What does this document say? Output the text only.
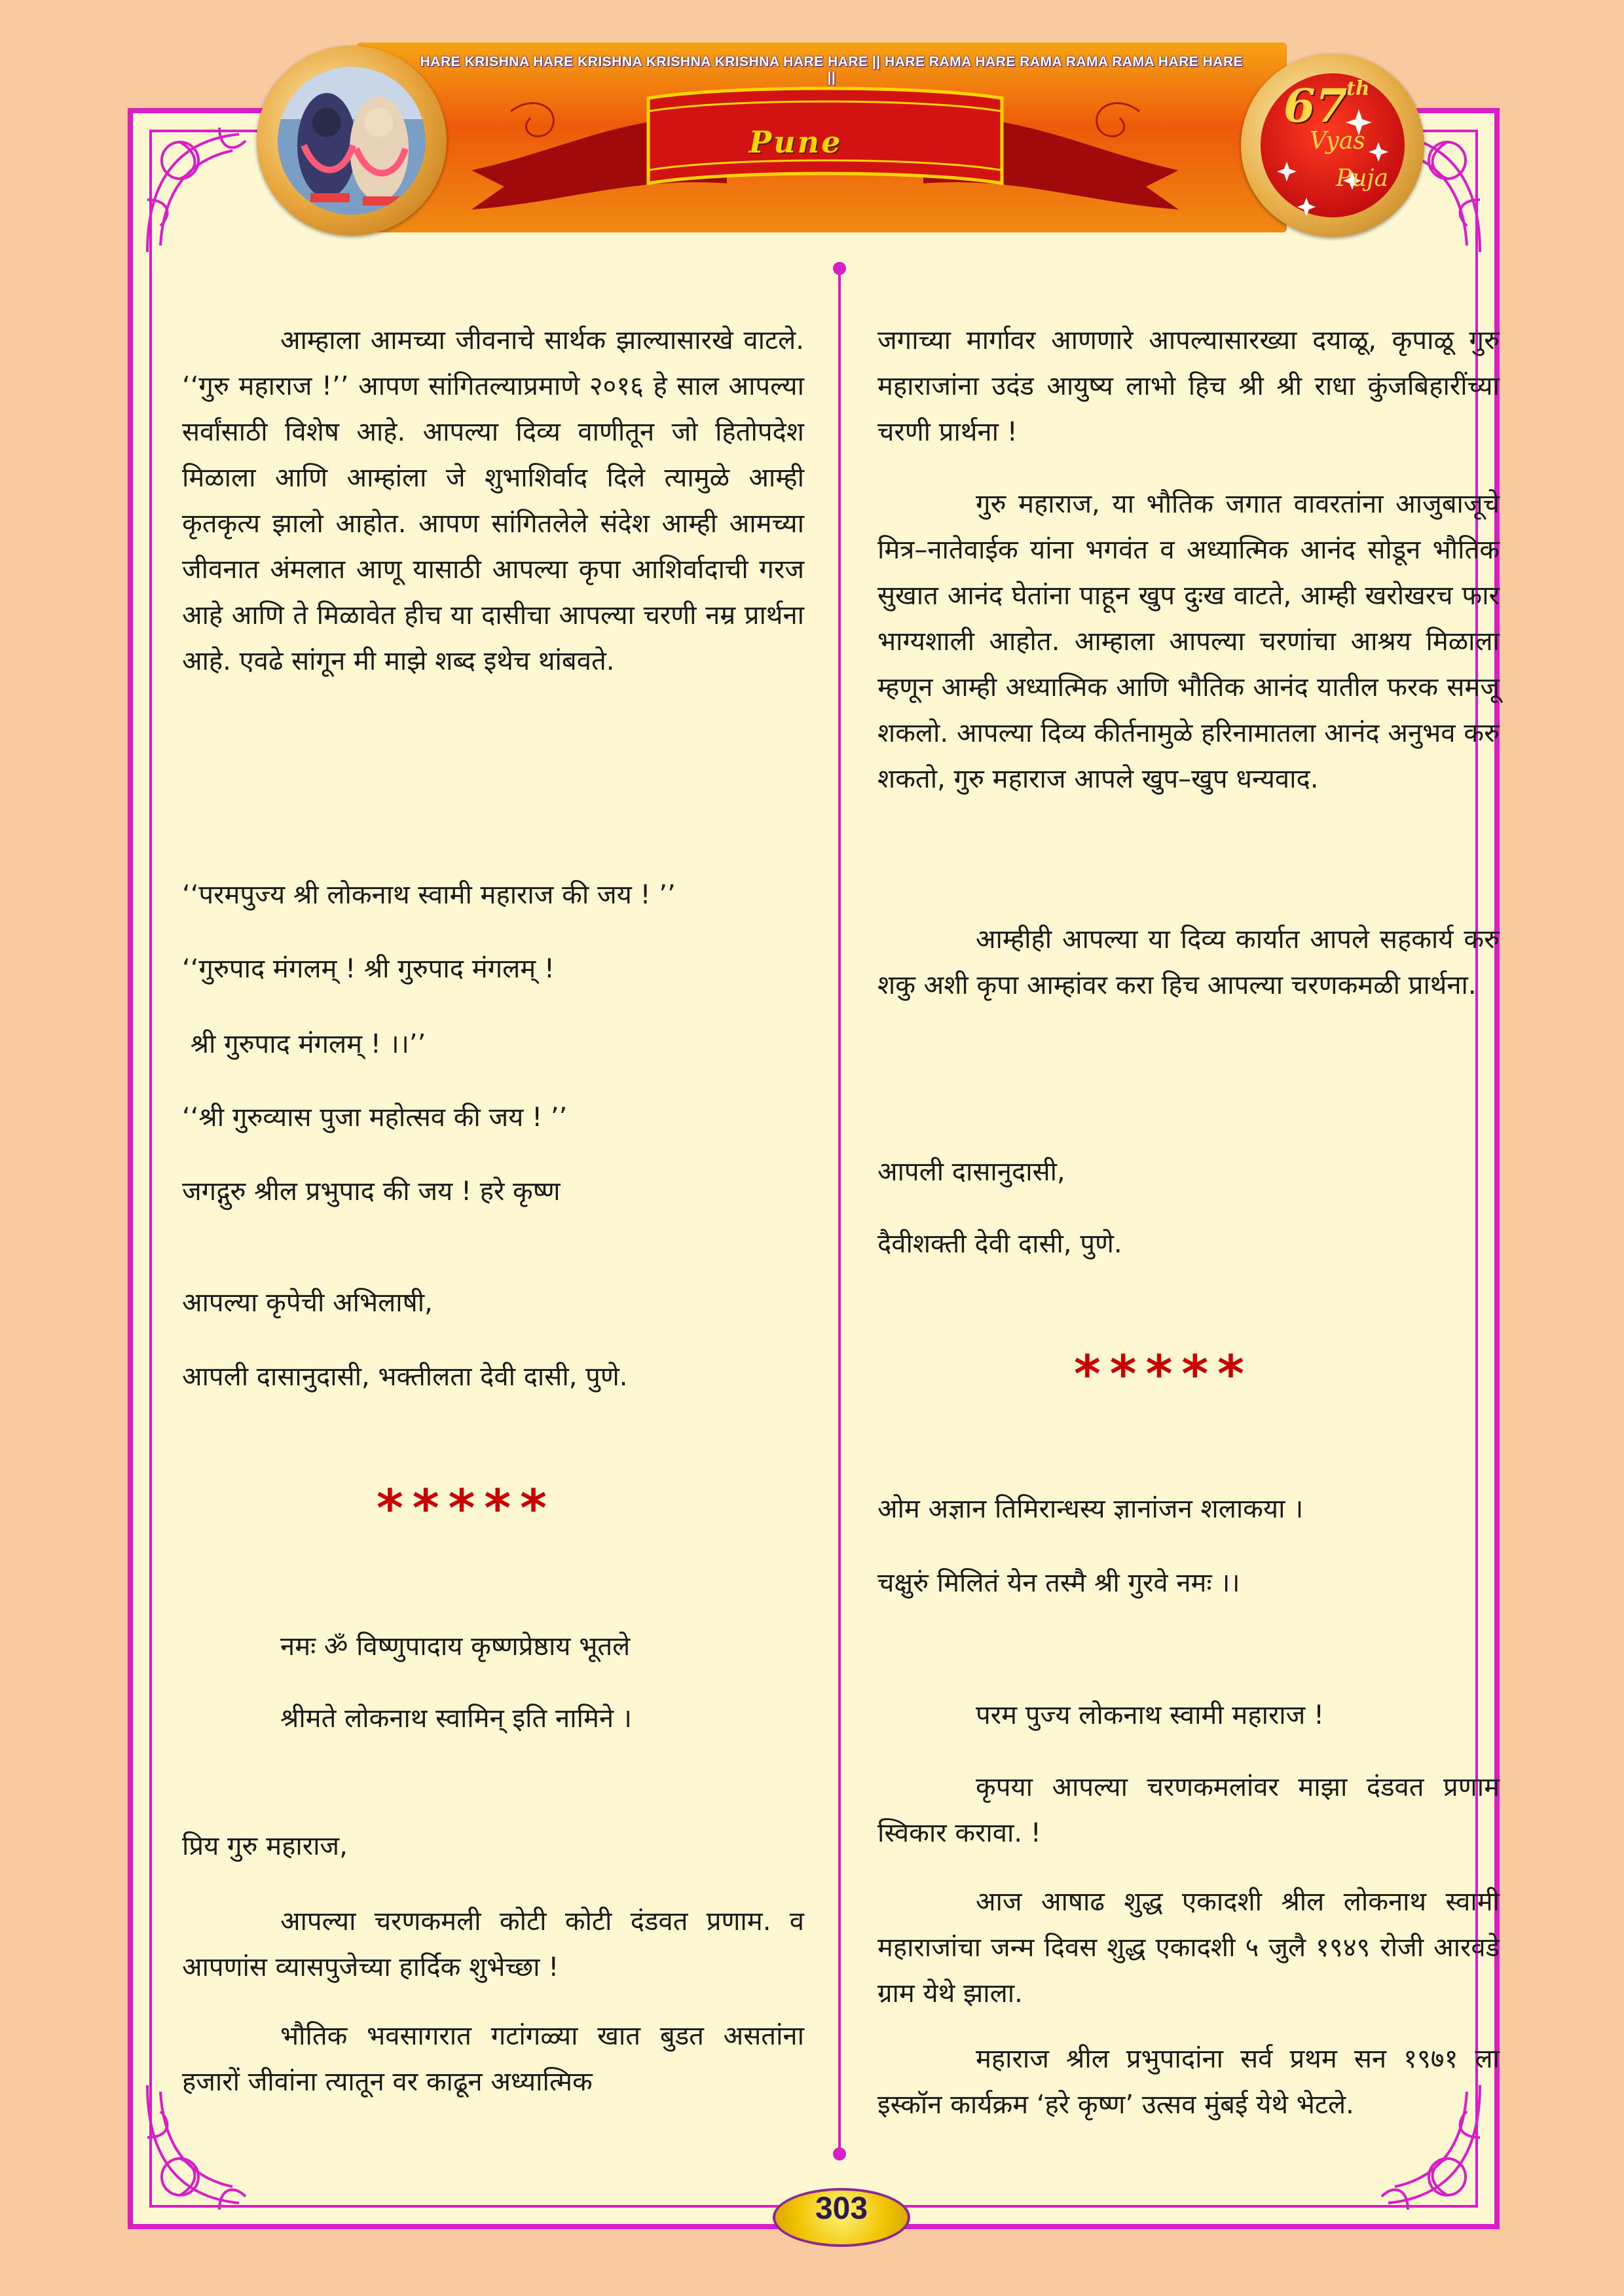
HARE KRISHNA HARE KRISHNA KRISHNA KRISHNA HARE HARE || HARE RAMA HARE RAMA RAMA RAMA HARE HARE ||
Pune
67
th
Vyas
Puja
आम्हाला आमच्या जीवनाचे सार्थक झाल्यासारखे वाटले. ‘‘गुरु महाराज !’’ आपण सांगितल्याप्रमाणे २०१६ हे साल आपल्या सर्वांसाठी विशेष आहे. आपल्या दिव्य वाणीतून जो हितोपदेश मिळाला आणि आम्हांला जे शुभाशिर्वाद दिले त्यामुळे आम्ही कृतकृत्य झालो आहोत. आपण सांगितलेले संदेश आम्ही आमच्या जीवनात अंमलात आणू यासाठी आपल्या कृपा आशिर्वादाची गरज आहे आणि ते मिळावेत हीच या दासीचा आपल्या चरणी नम्र प्रार्थना आहे. एवढे सांगून मी माझे शब्द इथेच थांबवते.
‘‘परमपुज्य श्री लोकनाथ स्वामी महाराज की जय ! ’’
‘‘गुरुपाद मंगलम् ! श्री गुरुपाद मंगलम् !
श्री गुरुपाद मंगलम् ! ।।’’
‘‘श्री गुरुव्यास पुजा महोत्सव की जय ! ’’
जगद्गुरु श्रील प्रभुपाद की जय ! हरे कृष्ण
आपल्या कृपेची अभिलाषी,
आपली दासानुदासी, भक्तीलता देवी दासी, पुणे.
*****
नमः ॐ विष्णुपादाय कृष्णप्रेष्ठाय भूतले
श्रीमते लोकनाथ स्वामिन् इति नामिने ।
प्रिय गुरु महाराज,
आपल्या चरणकमली कोटी कोटी दंडवत प्रणाम. व आपणांस व्यासपुजेच्या हार्दिक शुभेच्छा !
भौतिक भवसागरात गटांगळ्या खात बुडत असतांना हजारों जीवांना त्यातून वर काढून अध्यात्मिक
जगाच्या मार्गावर आणणारे आपल्यासारख्या दयाळू, कृपाळू गुरु महाराजांना उदंड आयुष्य लाभो हिच श्री श्री राधा कुंजबिहारींच्या चरणी प्रार्थना !
गुरु महाराज, या भौतिक जगात वावरतांना आजुबाजूचे मित्र–नातेवाईक यांना भगवंत व अध्यात्मिक आनंद सोडून भौतिक सुखात आनंद घेतांना पाहून खुप दुःख वाटते, आम्ही खरोखरच फार भाग्यशाली आहोत. आम्हाला आपल्या चरणांचा आश्रय मिळाला म्हणून आम्ही अध्यात्मिक आणि भौतिक आनंद यातील फरक समजू शकलो. आपल्या दिव्य कीर्तनामुळे हरिनामातला आनंद अनुभव करु शकतो, गुरु महाराज आपले खुप–खुप धन्यवाद.
आम्हीही आपल्या या दिव्य कार्यात आपले सहकार्य करु शकु अशी कृपा आम्हांवर करा हिच आपल्या चरणकमळी प्रार्थना.
आपली दासानुदासी,
दैवीशक्ती देवी दासी, पुणे.
*****
ओम अज्ञान तिमिरान्धस्य ज्ञानांजन शलाकया ।
चक्षुरुं मिलितं येन तस्मै श्री गुरवे नमः ।।
परम पुज्य लोकनाथ स्वामी महाराज !
कृपया आपल्या चरणकमलांवर माझा दंडवत प्रणाम स्विकार करावा. !
आज आषाढ शुद्ध एकादशी श्रील लोकनाथ स्वामी महाराजांचा जन्म दिवस शुद्ध एकादशी ५ जुलै १९४९ रोजी आरवडे ग्राम येथे झाला.
महाराज श्रील प्रभुपादांना सर्व प्रथम सन १९७१ ला इस्कॉन कार्यक्रम ‘हरे कृष्ण’ उत्सव मुंबई येथे भेटले.
303
